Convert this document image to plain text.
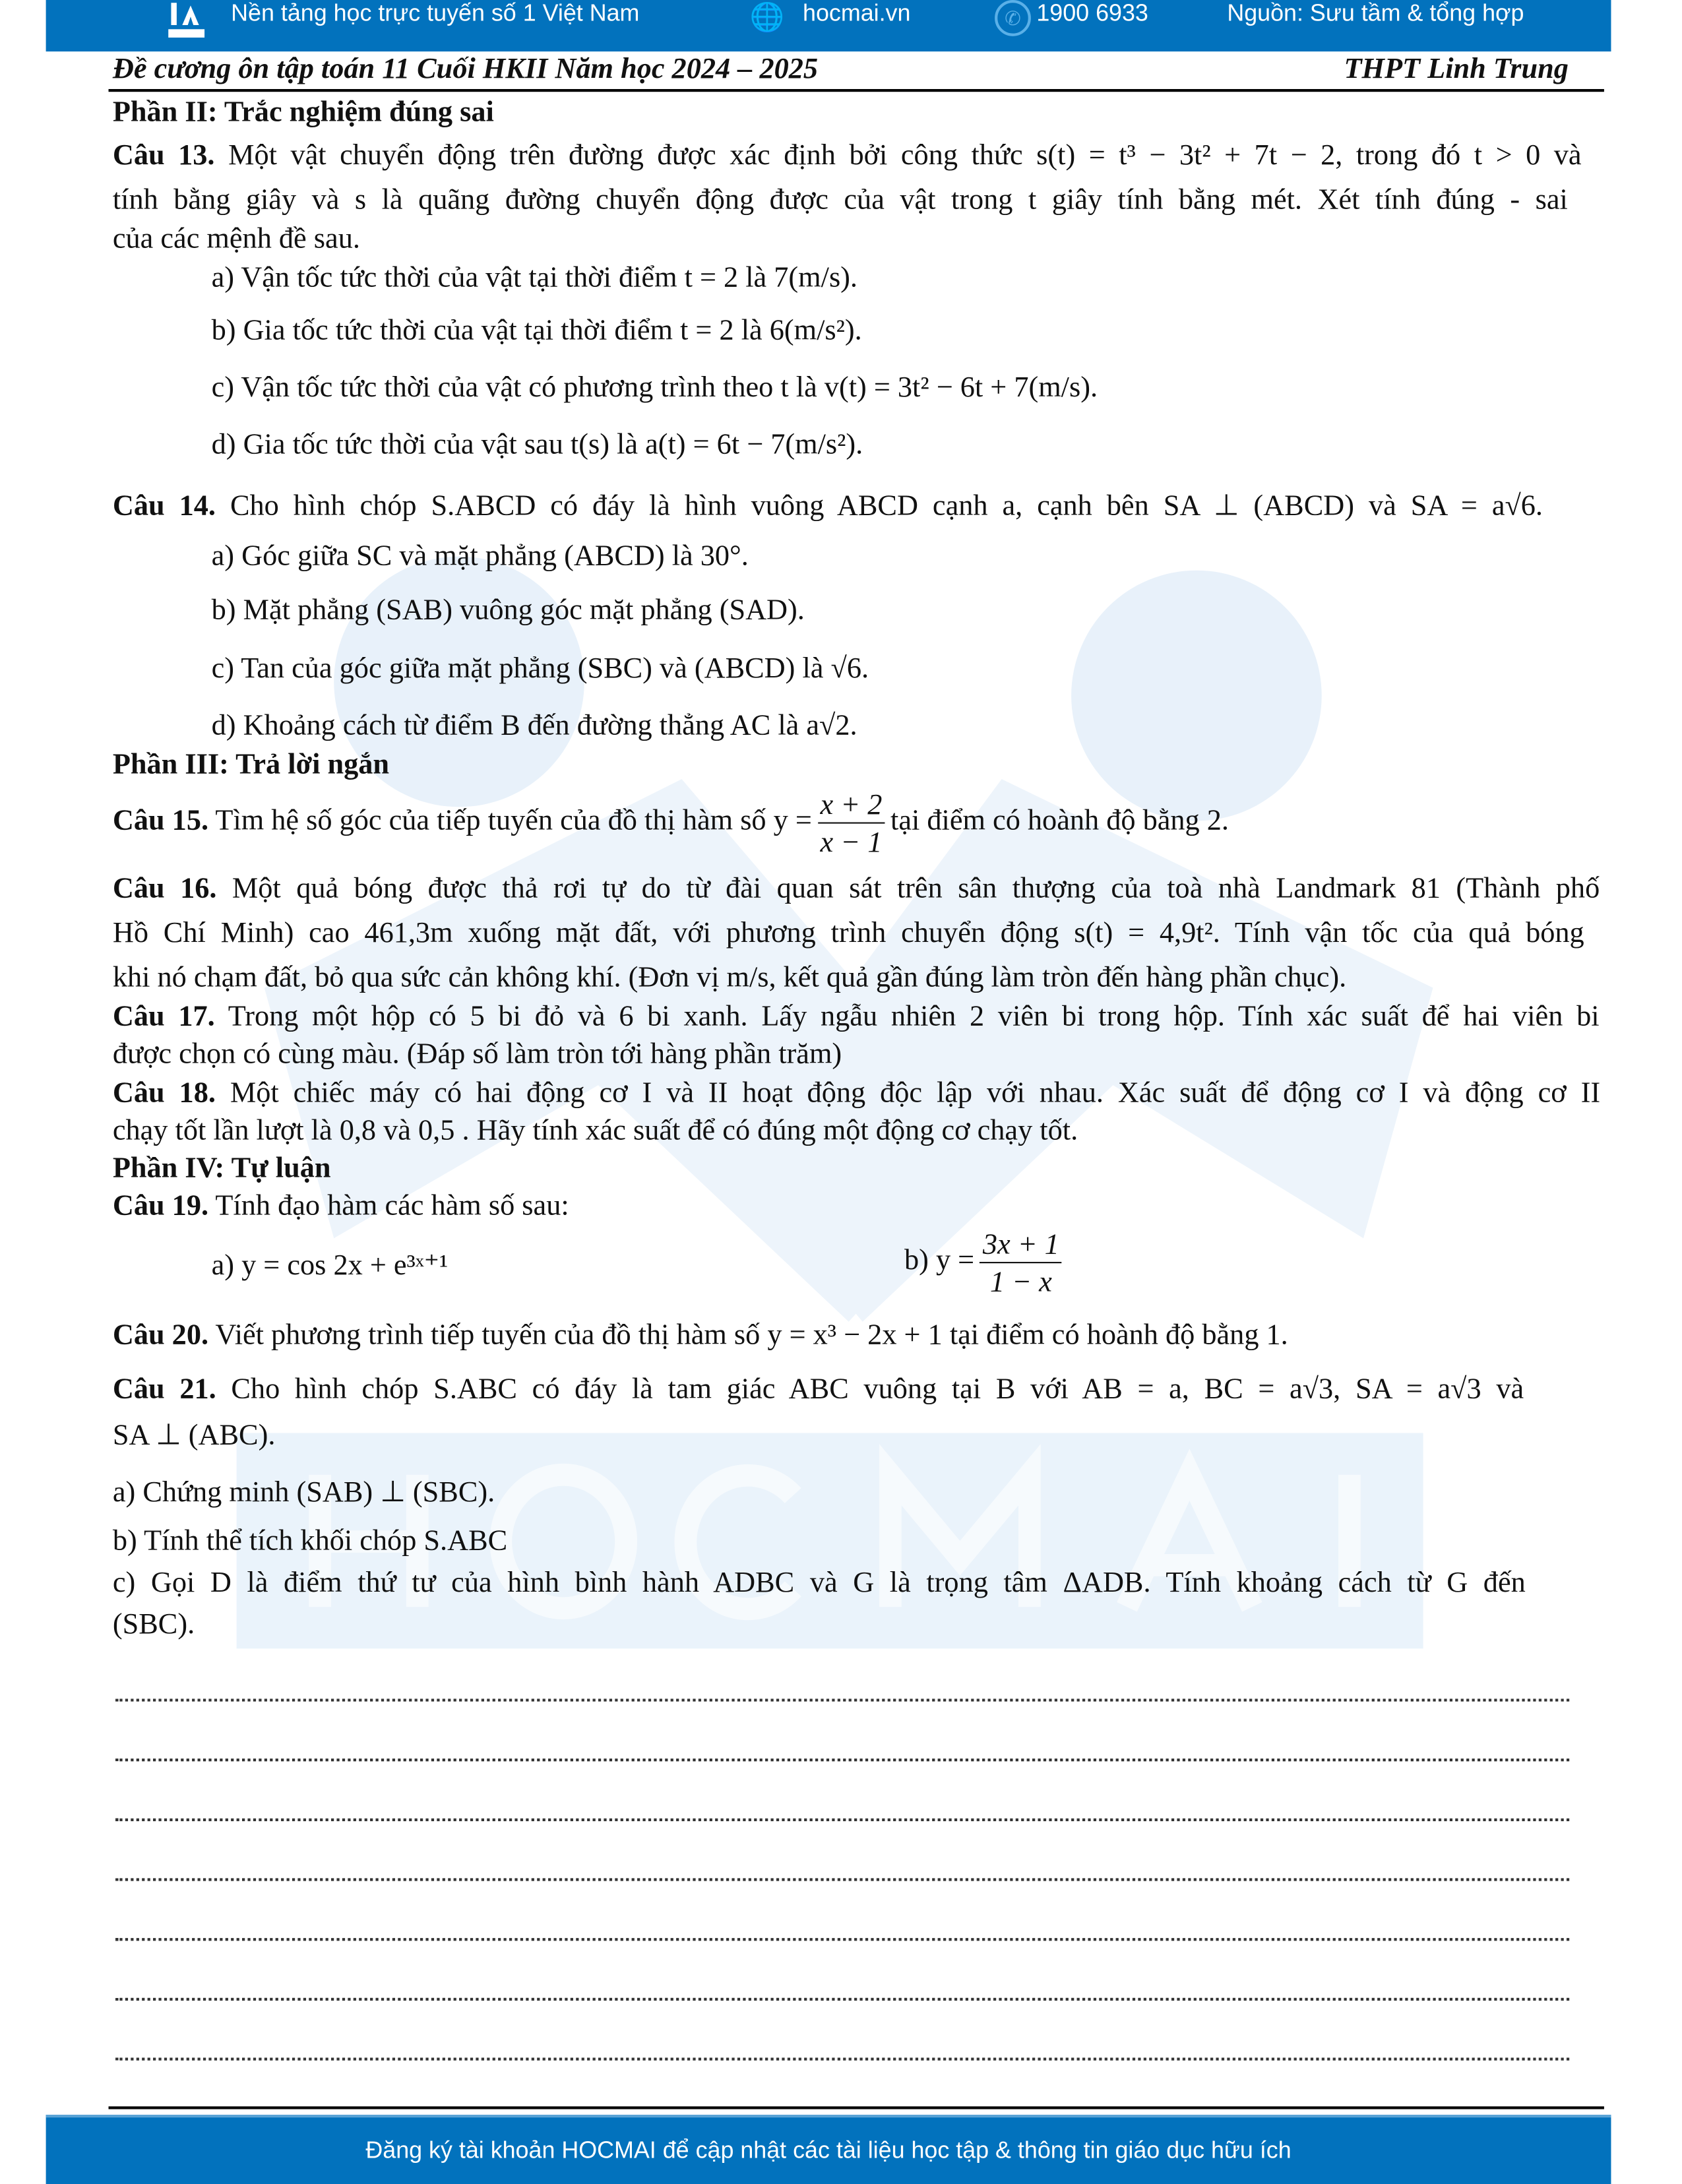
Nền tảng học trực tuyến số 1 Việt Nam	🌐 hocmai.vn	✆	1900 6933	Nguồn: Sưu tầm & tổng hợp
Đề cương ôn tập toán 11 Cuối HKII Năm học 2024 – 2025	THPT Linh Trung
Phần II: Trắc nghiệm đúng sai
Câu 13. Một vật chuyển động trên đường được xác định bởi công thức s(t) = t³ − 3t² + 7t − 2, trong đó t > 0 và
tính bằng giây và s là quãng đường chuyển động được của vật trong t giây tính bằng mét. Xét tính đúng - sai
của các mệnh đề sau.
a) Vận tốc tức thời của vật tại thời điểm t = 2 là 7(m/s).
b) Gia tốc tức thời của vật tại thời điểm t = 2 là 6(m/s²).
c) Vận tốc tức thời của vật có phương trình theo t là v(t) = 3t² − 6t + 7(m/s).
d) Gia tốc tức thời của vật sau t(s) là a(t) = 6t − 7(m/s²).
Câu 14. Cho hình chóp S.ABCD có đáy là hình vuông ABCD cạnh a, cạnh bên SA ⊥ (ABCD) và SA = a√6.
a) Góc giữa SC và mặt phẳng (ABCD) là 30°.
b) Mặt phẳng (SAB) vuông góc mặt phẳng (SAD).
c) Tan của góc giữa mặt phẳng (SBC) và (ABCD) là √6.
d) Khoảng cách từ điểm B đến đường thẳng AC là a√2.
Phần III: Trả lời ngắn
Câu 15. Tìm hệ số góc của tiếp tuyến của đồ thị hàm số $y = \frac{x + 2}{x - 1}$ tại điểm có hoành độ bằng 2.
Câu 16. Một quả bóng được thả rơi tự do từ đài quan sát trên sân thượng của toà nhà Landmark 81 (Thành phố
Hồ Chí Minh) cao 461,3m xuống mặt đất, với phương trình chuyển động s(t) = 4,9t². Tính vận tốc của quả bóng
khi nó chạm đất, bỏ qua sức cản không khí. (Đơn vị m/s, kết quả gần đúng làm tròn đến hàng phần chục).
Câu 17. Trong một hộp có 5 bi đỏ và 6 bi xanh. Lấy ngẫu nhiên 2 viên bi trong hộp. Tính xác suất để hai viên bi
được chọn có cùng màu. (Đáp số làm tròn tới hàng phần trăm)
Câu 18. Một chiếc máy có hai động cơ I và II hoạt động độc lập với nhau. Xác suất để động cơ I và động cơ II
chạy tốt lần lượt là 0,8 và 0,5 . Hãy tính xác suất để có đúng một động cơ chạy tốt.
Phần IV: Tự luận
Câu 19. Tính đạo hàm các hàm số sau:
a) y = cos 2x + e³ˣ⁺¹	b) $y = \frac{3x + 1}{1 - x}$
Câu 20. Viết phương trình tiếp tuyến của đồ thị hàm số y = x³ − 2x + 1 tại điểm có hoành độ bằng 1.
Câu 21. Cho hình chóp S.ABC có đáy là tam giác ABC vuông tại B với AB = a, BC = a√3, SA = a√3 và
SA ⊥ (ABC).
a) Chứng minh (SAB) ⊥ (SBC).
b) Tính thể tích khối chóp S.ABC
c) Gọi D là điểm thứ tư của hình bình hành ADBC và G là trọng tâm ΔADB. Tính khoảng cách từ G đến
(SBC).
Đăng ký tài khoản HOCMAI để cập nhật các tài liệu học tập & thông tin giáo dục hữu ích
